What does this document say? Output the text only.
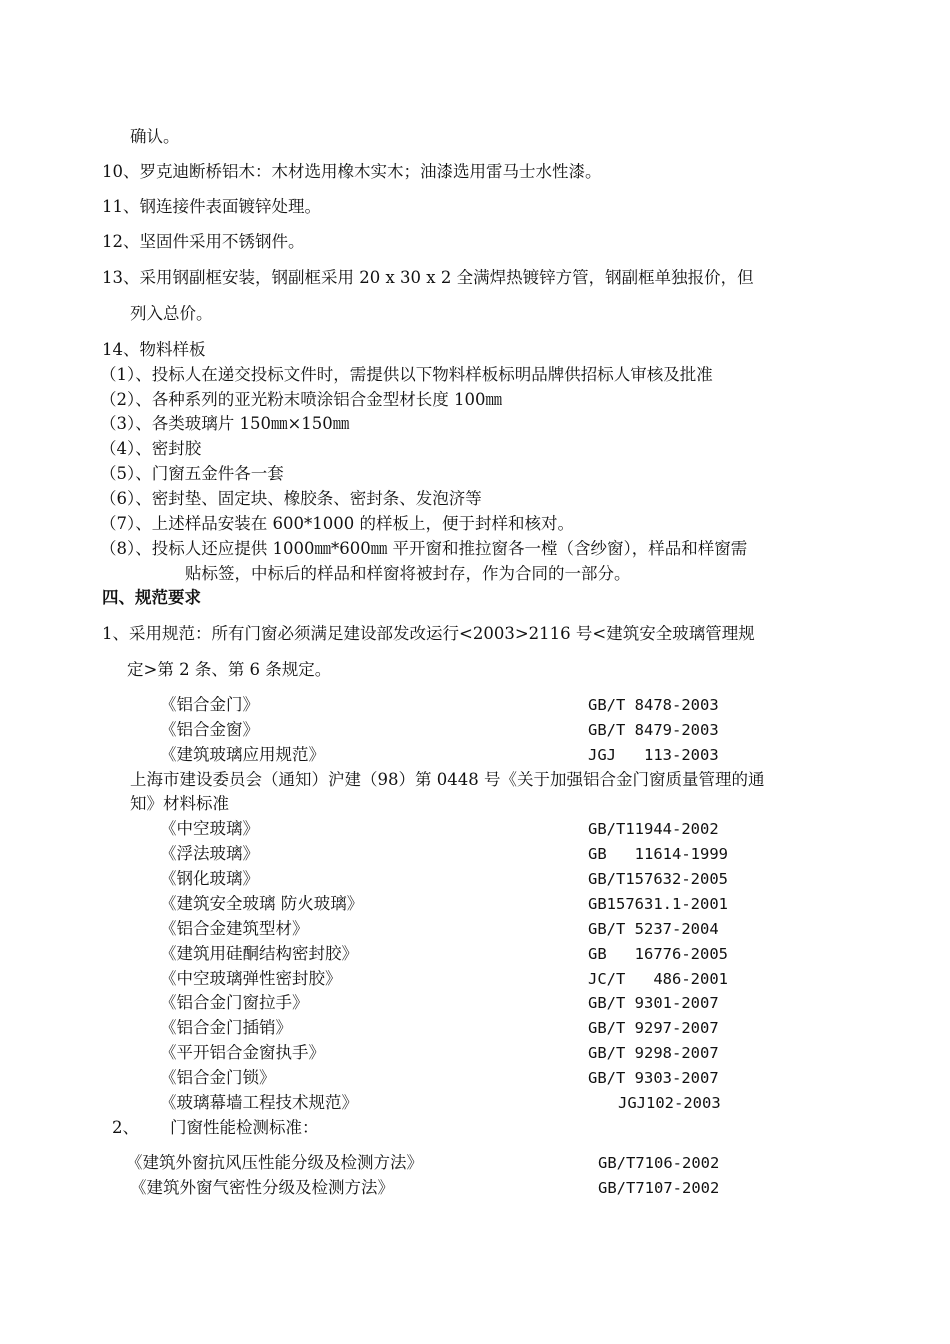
确认。
10、罗克迪断桥铝木：木材选用橡木实木；油漆选用雷马士水性漆。
11、钢连接件表面镀锌处理。
12、坚固件采用不锈钢件。
13、采用钢副框安装，钢副框采用 20 x 30 x 2 全满焊热镀锌方管，钢副框单独报价，但
列入总价。
14、物料样板
（1）、投标人在递交投标文件时，需提供以下物料样板标明品牌供招标人审核及批准
（2）、各种系列的亚光粉末喷涂铝合金型材长度 100㎜
（3）、各类玻璃片 150㎜×150㎜
（4）、密封胶
（5）、门窗五金件各一套
（6）、密封垫、固定块、橡胶条、密封条、发泡济等
（7）、上述样品安装在 600*1000 的样板上，便于封样和核对。
（8）、投标人还应提供 1000㎜*600㎜ 平开窗和推拉窗各一樘（含纱窗），样品和样窗需
贴标签，中标后的样品和样窗将被封存，作为合同的一部分。
四、规范要求
1、采用规范：所有门窗必须满足建设部发改运行<2003>2116 号<建筑安全玻璃管理规
定>第 2 条、第 6 条规定。
《铝合金门》	GB/T 8478-2003
《铝合金窗》	GB/T 8479-2003
《建筑玻璃应用规范》	JGJ   113-2003
上海市建设委员会（通知）沪建（98）第 0448 号《关于加强铝合金门窗质量管理的通
知》材料标准
《中空玻璃》	GB/T11944-2002
《浮法玻璃》	GB   11614-1999
《钢化玻璃》	GB/T157632-2005
《建筑安全玻璃 防火玻璃》	GB157631.1-2001
《铝合金建筑型材》	GB/T 5237-2004
《建筑用硅酮结构密封胶》	GB   16776-2005
《中空玻璃弹性密封胶》	JC/T   486-2001
《铝合金门窗拉手》	GB/T 9301-2007
《铝合金门插销》	GB/T 9297-2007
《平开铝合金窗执手》	GB/T 9298-2007
《铝合金门锁》	GB/T 9303-2007
《玻璃幕墙工程技术规范》	JGJ102-2003
2、 门窗性能检测标准：
《建筑外窗抗风压性能分级及检测方法》	GB/T7106-2002
《建筑外窗气密性分级及检测方法》	GB/T7107-2002
